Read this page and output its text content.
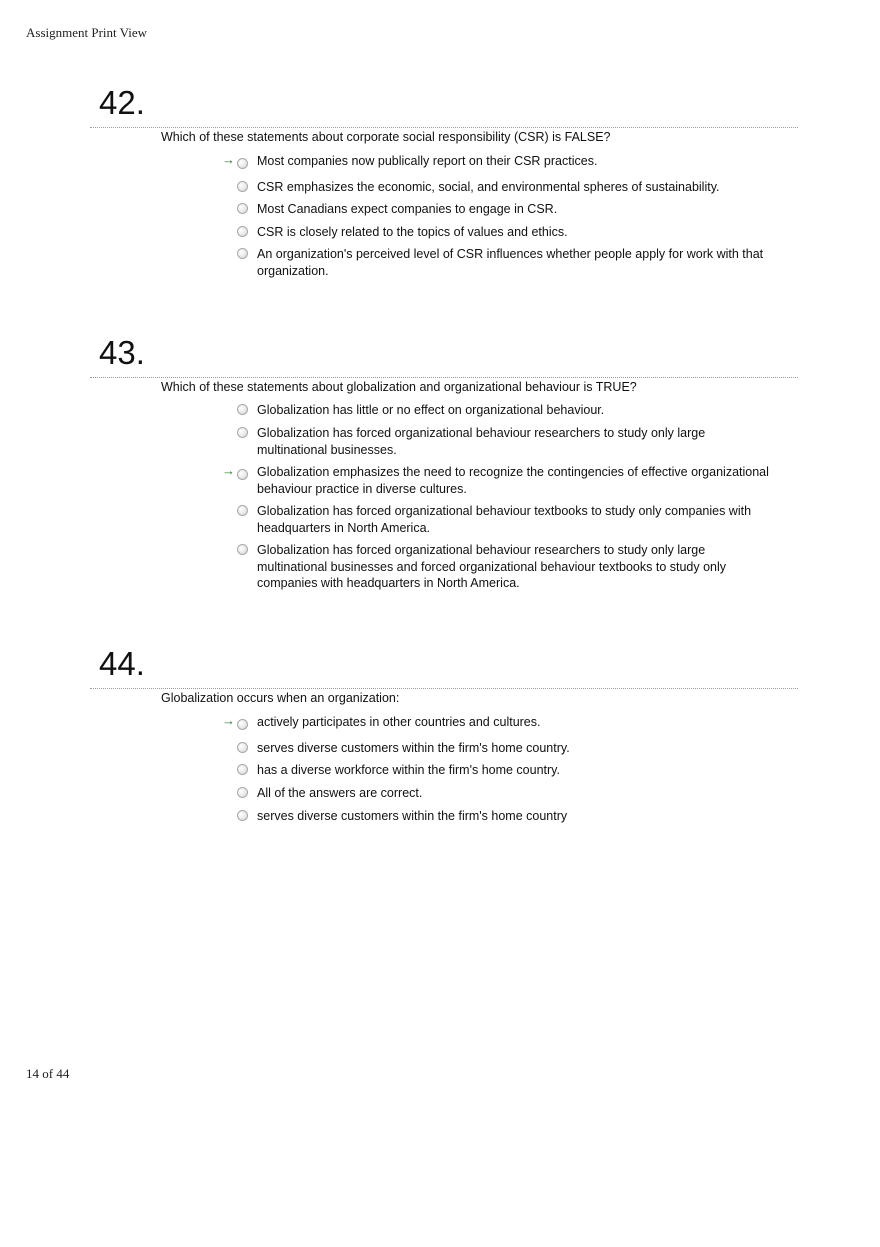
Assignment Print View
42.
Which of these statements about corporate social responsibility (CSR) is FALSE?
→ Most companies now publically report on their CSR practices.
CSR emphasizes the economic, social, and environmental spheres of sustainability.
Most Canadians expect companies to engage in CSR.
CSR is closely related to the topics of values and ethics.
An organization's perceived level of CSR influences whether people apply for work with that organization.
43.
Which of these statements about globalization and organizational behaviour is TRUE?
Globalization has little or no effect on organizational behaviour.
Globalization has forced organizational behaviour researchers to study only large multinational businesses.
→ Globalization emphasizes the need to recognize the contingencies of effective organizational behaviour practice in diverse cultures.
Globalization has forced organizational behaviour textbooks to study only companies with headquarters in North America.
Globalization has forced organizational behaviour researchers to study only large multinational businesses and forced organizational behaviour textbooks to study only companies with headquarters in North America.
44.
Globalization occurs when an organization:
→ actively participates in other countries and cultures.
serves diverse customers within the firm's home country.
has a diverse workforce within the firm's home country.
All of the answers are correct.
serves diverse customers within the firm's home country
14 of 44
